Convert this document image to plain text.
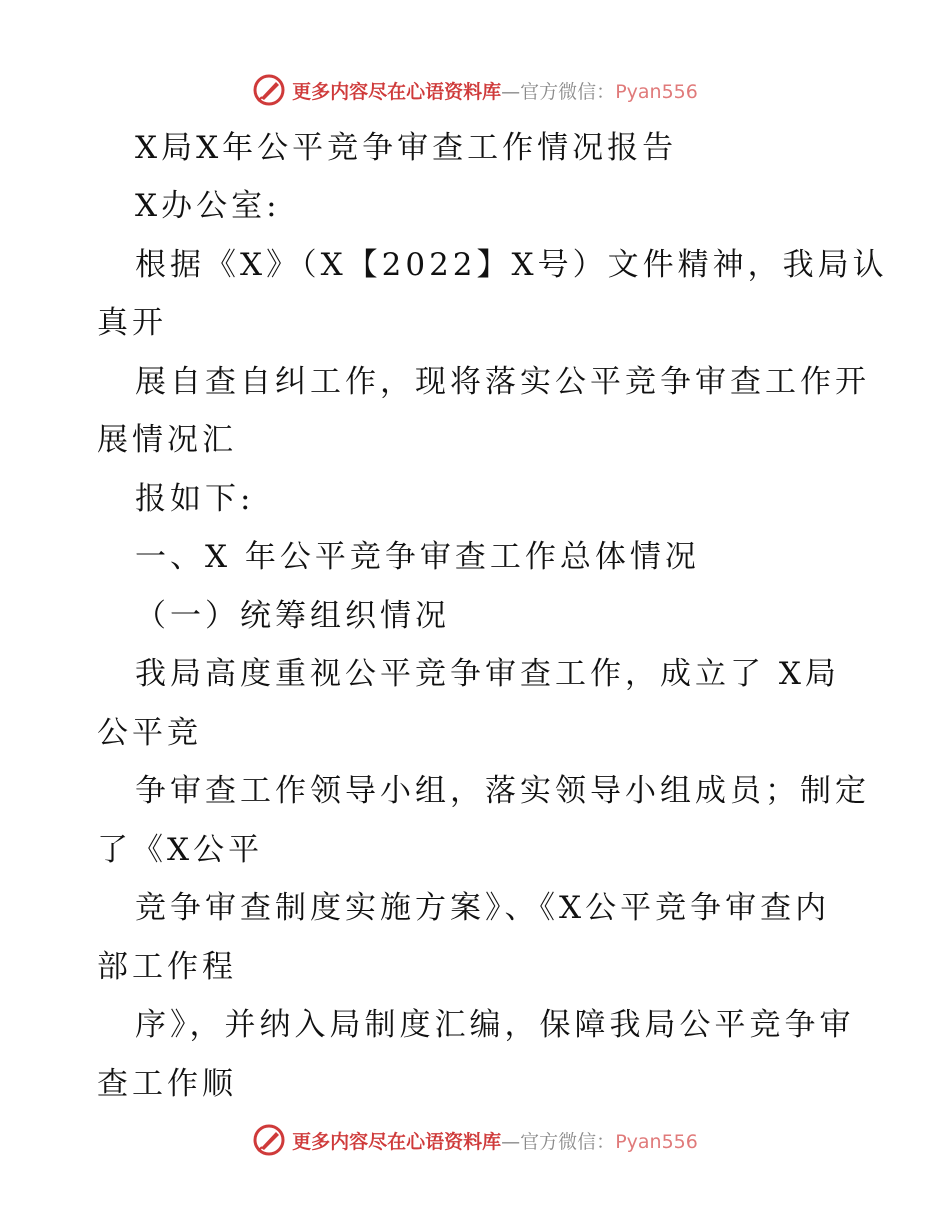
更多内容尽在心语资料库—官方微信：Pyan556
X局X年公平竞争审查工作情况报告
X办公室:
根据《X》（X【2022】X号）文件精神，我局认
真开
展自查自纠工作，现将落实公平竞争审查工作开
展情况汇
报如下:
一、X 年公平竞争审查工作总体情况
（一）统筹组织情况
我局高度重视公平竞争审查工作，成立了 X局
公平竞
争审查工作领导小组，落实领导小组成员；制定
了《X公平
竞争审查制度实施方案》、《X公平竞争审查内
部工作程
序》，并纳入局制度汇编，保障我局公平竞争审
查工作顺
更多内容尽在心语资料库—官方微信：Pyan556
